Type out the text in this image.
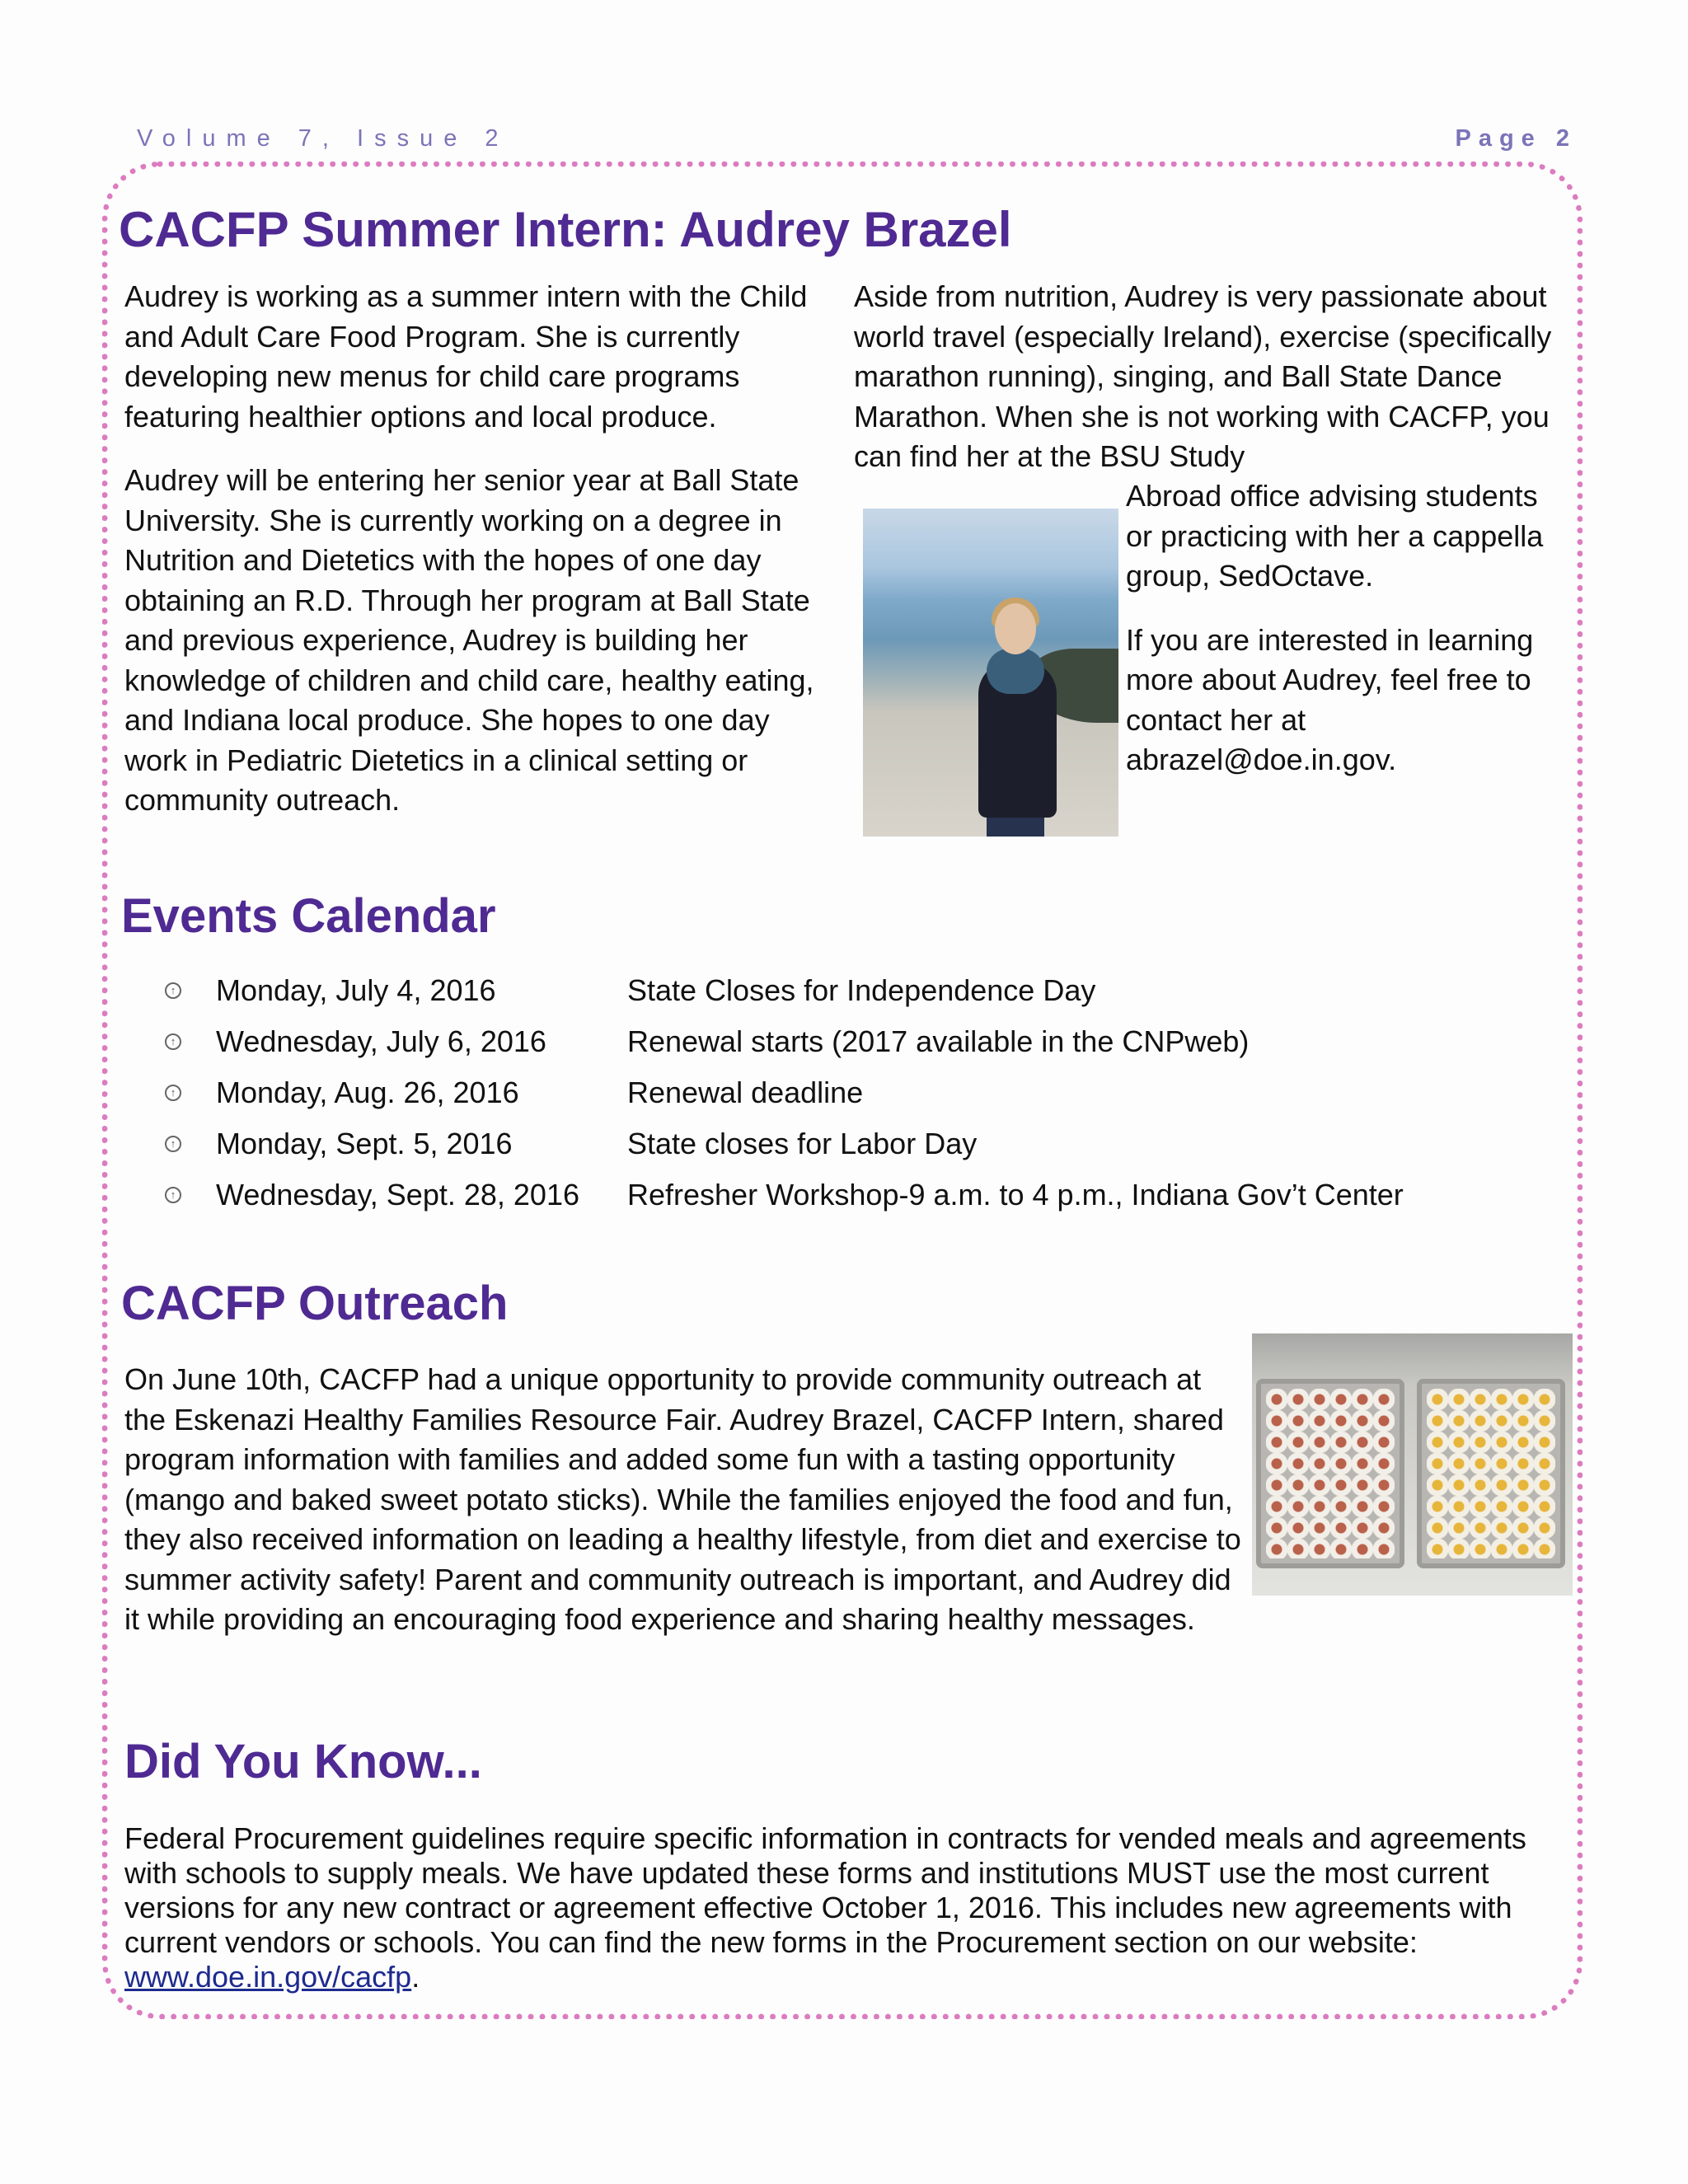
Volume 7, Issue 2	Page 2
CACFP Summer Intern: Audrey Brazel

Audrey is working as a summer intern with the Child and Adult Care Food Program. She is currently developing new menus for child care programs featuring healthier options and local produce.

Audrey will be entering her senior year at Ball State University. She is currently working on a degree in Nutrition and Dietetics with the hopes of one day obtaining an R.D. Through her program at Ball State and previous experience, Audrey is building her knowledge of children and child care, healthy eating, and Indiana local produce. She hopes to one day work in Pediatric Dietetics in a clinical setting or community outreach.

Aside from nutrition, Audrey is very passionate about world travel (especially Ireland), exercise (specifically marathon running), singing, and Ball State Dance Marathon. When she is not working with CACFP, you can find her at the BSU Study

Abroad office advising students or practicing with her a cappella group, SedOctave.

If you are interested in learning more about Audrey, feel free to contact her at abrazel@doe.in.gov.

Events Calendar
↑ Monday, July 4, 2016	State Closes for Independence Day
↑ Wednesday, July 6, 2016	Renewal starts (2017 available in the CNPweb)
↑ Monday, Aug. 26, 2016	Renewal deadline
↑ Monday, Sept. 5, 2016	State closes for Labor Day
↑ Wednesday, Sept. 28, 2016 Refresher Workshop-9 a.m. to 4 p.m., Indiana Gov’t Center
CACFP Outreach
On June 10th, CACFP had a unique opportunity to provide community outreach at the Eskenazi Healthy Families Resource Fair. Audrey Brazel, CACFP Intern, shared program information with families and added some fun with a tasting opportunity (mango and baked sweet potato sticks). While the families enjoyed the food and fun, they also received information on leading a healthy lifestyle, from diet and exercise to summer activity safety! Parent and community outreach is important, and Audrey did it while providing an encouraging food experience and sharing healthy messages.
Did You Know...
Federal Procurement guidelines require specific information in contracts for vended meals and agreements with schools to supply meals. We have updated these forms and institutions MUST use the most current versions for any new contract or agreement effective October 1, 2016. This includes new agreements with current vendors or schools. You can find the new forms in the Procurement section on our website: www.doe.in.gov/cacfp.
